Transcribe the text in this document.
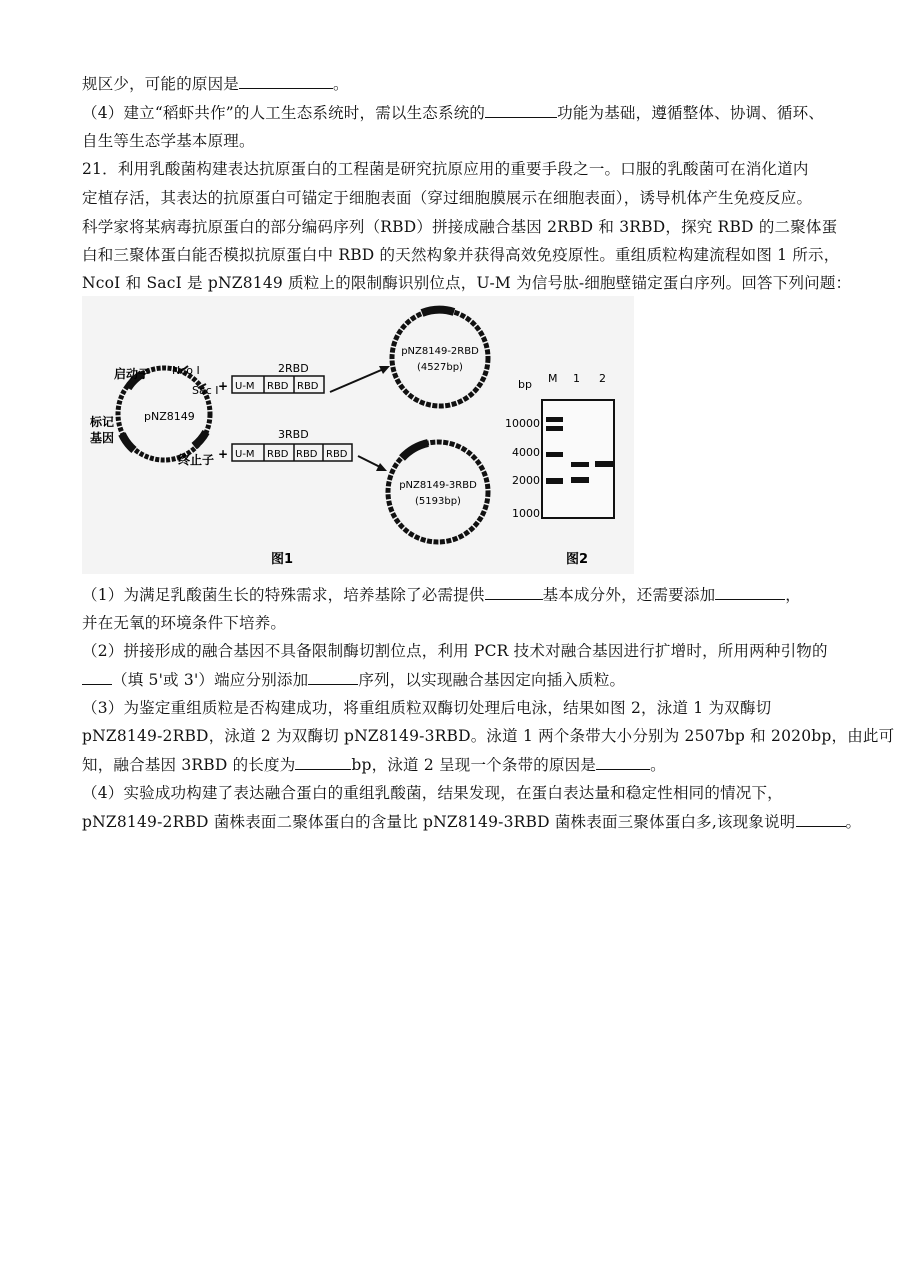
规区少，可能的原因是	。
（4）建立“稻虾共作”的人工生态系统时，需以生态系统的	功能为基础，遵循整体、协调、循环、
自生等生态学基本原理。
21．利用乳酸菌构建表达抗原蛋白的工程菌是研究抗原应用的重要手段之一。口服的乳酸菌可在消化道内
定植存活，其表达的抗原蛋白可锚定于细胞表面（穿过细胞膜展示在细胞表面），诱导机体产生免疫反应。
科学家将某病毒抗原蛋白的部分编码序列（RBD）拼接成融合基因 2RBD 和 3RBD，探究 RBD 的二聚体蛋
白和三聚体蛋白能否模拟抗原蛋白中 RBD 的天然构象并获得高效免疫原性。重组质粒构建流程如图 1 所示，
NcoI 和 SacI 是 pNZ8149 质粒上的限制酶识别位点，U-M 为信号肽-细胞壁锚定蛋白序列。回答下列问题：
pNZ8149
启动子 Nco I
Sac I
标记
基因
终止子
+
2RBD
U-M RBD RBD
+
3RBD
U-M RBD RBD RBD
pNZ8149-2RBD
(4527bp)
pNZ8149-3RBD
(5193bp)
bp M 1 2
10000
4000
2000
1000
图1	图2
（1）为满足乳酸菌生长的特殊需求，培养基除了必需提供	基本成分外，还需要添加	，
并在无氧的环境条件下培养。
（2）拼接形成的融合基因不具备限制酶切割位点，利用 PCR 技术对融合基因进行扩增时，所用两种引物的
（填 5'或 3'）端应分别添加	序列，以实现融合基因定向插入质粒。
（3）为鉴定重组质粒是否构建成功，将重组质粒双酶切处理后电泳，结果如图 2，泳道 1 为双酶切
pNZ8149-2RBD，泳道 2 为双酶切 pNZ8149-3RBD。泳道 1 两个条带大小分别为 2507bp 和 2020bp，由此可
知，融合基因 3RBD 的长度为	bp，泳道 2 呈现一个条带的原因是	。
（4）实验成功构建了表达融合蛋白的重组乳酸菌，结果发现，在蛋白表达量和稳定性相同的情况下，
pNZ8149-2RBD 菌株表面二聚体蛋白的含量比 pNZ8149-3RBD 菌株表面三聚体蛋白多,该现象说明	。
